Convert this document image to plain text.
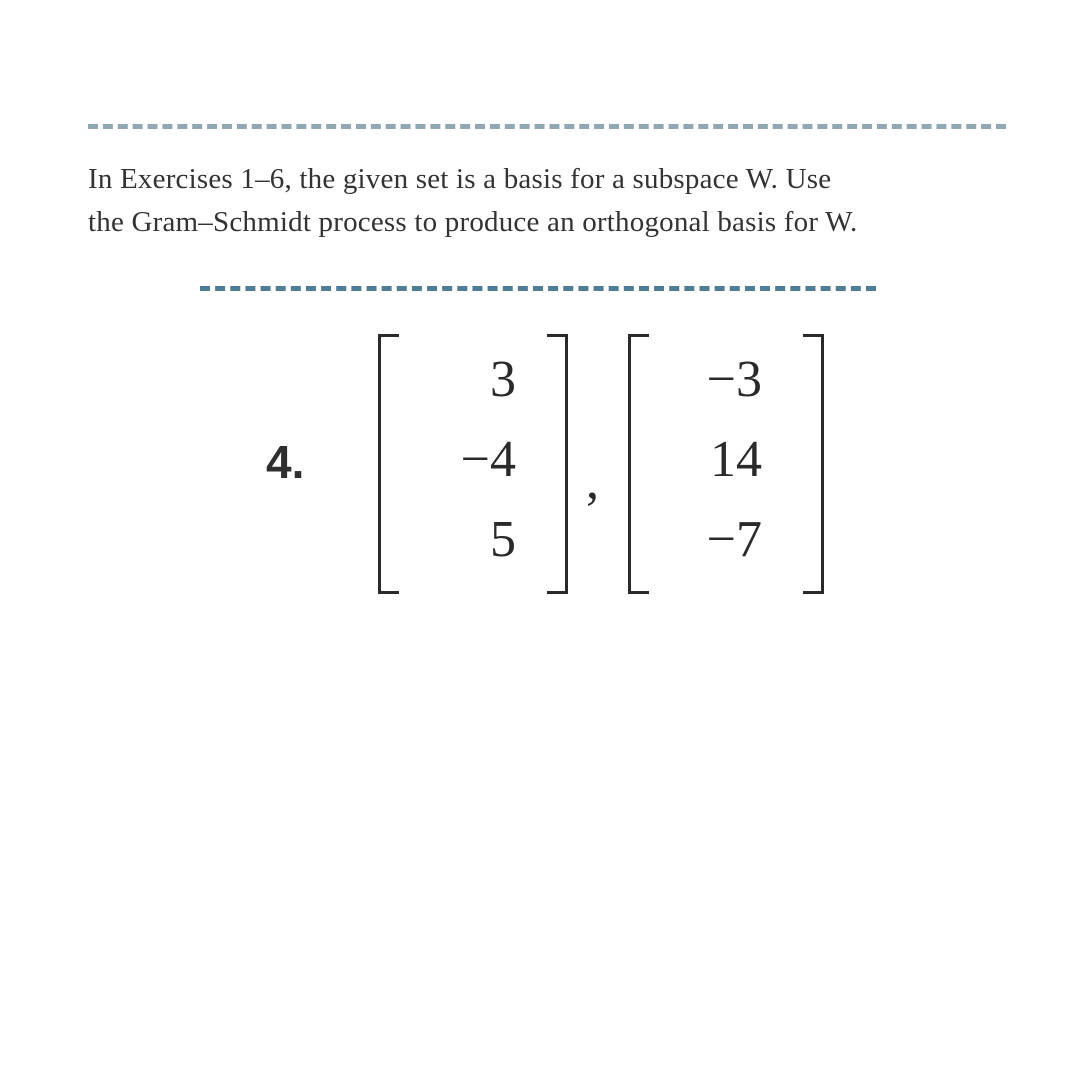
In Exercises 1–6, the given set is a basis for a subspace W. Use
the Gram–Schmidt process to produce an orthogonal basis for W.

4.
3
−4
5
,
−3
14
−7
